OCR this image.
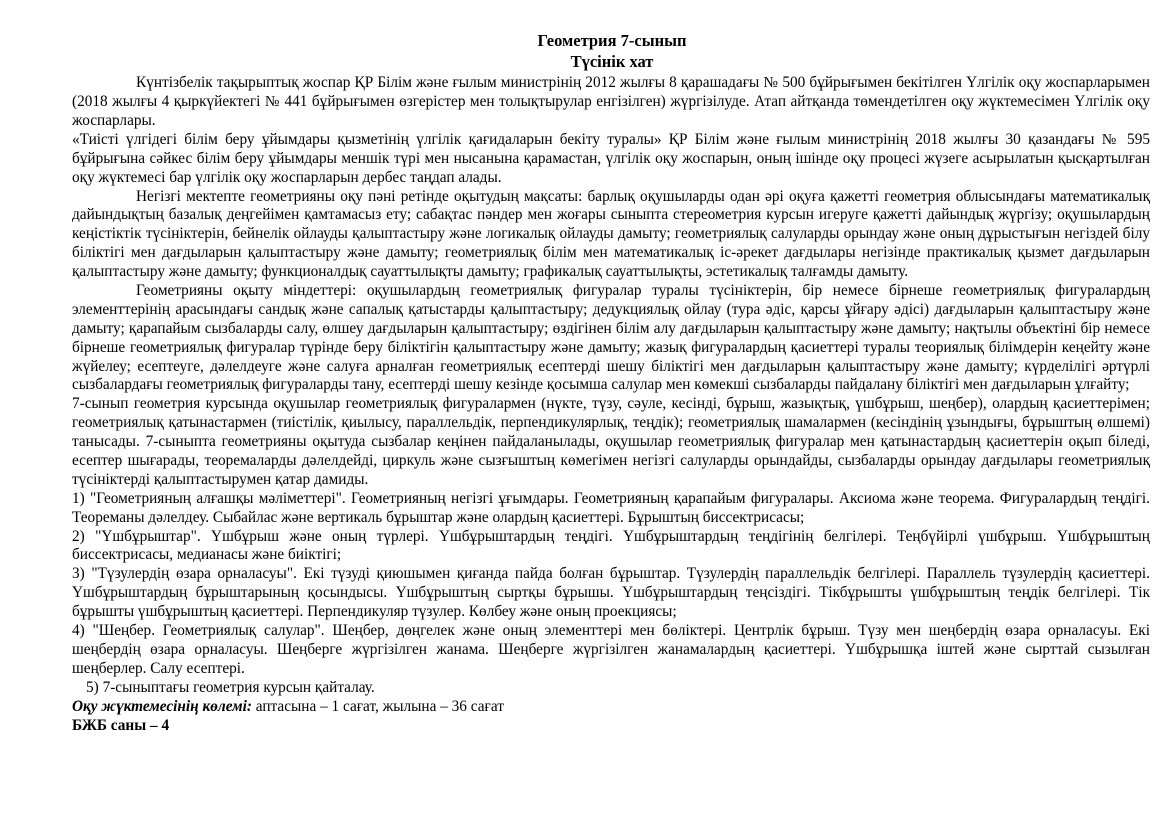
Геометрия 7-сынып
Түсінік хат

Күнтізбелік тақырыптық жоспар ҚР Білім және ғылым министрінің 2012 жылғы 8 қарашадағы № 500 бұйрығымен бекітілген Үлгілік оқу жоспарларымен (2018 жылғы 4 қыркүйектегі № 441 бұйрығымен өзгерістер мен толықтырулар енгізілген) жүргізілуде. Атап айтқанда төмендетілген оқу жүктемесімен Үлгілік оқу жоспарлары.

«Тиісті үлгідегі білім беру ұйымдары қызметінің үлгілік қағидаларын бекіту туралы» ҚР Білім және ғылым министрінің 2018 жылғы 30 қазандағы № 595 бұйрығына сәйкес білім беру ұйымдары меншік түрі мен нысанына қарамастан, үлгілік оқу жоспарын, оның ішінде оқу процесі жүзеге асырылатын қысқартылған оқу жүктемесі бар үлгілік оқу жоспарларын дербес таңдап алады.

Негізгі мектепте геометрияны оқу пәні ретінде оқытудың мақсаты: барлық оқушыларды одан әрі оқуға қажетті геометрия облысындағы математикалық дайындықтың базалық деңгейімен қамтамасыз ету; сабақтас пәндер мен жоғары сыныпта стереометрия курсын игеруге қажетті дайындық жүргізу; оқушылардың кеңістіктік түсініктерін, бейнелік ойлауды қалыптастыру және логикалық ойлауды дамыту; геометриялық салуларды орындау және оның дұрыстығын негіздей білу біліктігі мен дағдыларын қалыптастыру және дамыту; геометриялық білім мен математикалық іс-әрекет дағдылары негізінде практикалық қызмет дағдыларын қалыптастыру және дамыту; функционалдық сауаттылықты дамыту; графикалық сауаттылықты, эстетикалық талғамды дамыту.

Геометрияны оқыту міндеттері: оқушылардың геометриялық фигуралар туралы түсініктерін, бір немесе бірнеше геометриялық фигуралардың элементтерінің арасындағы сандық және сапалық қатыстарды қалыптастыру; дедукциялық ойлау (тура әдіс, қарсы ұйғару әдісі) дағдыларын қалыптастыру және дамыту; қарапайым сызбаларды салу, өлшеу дағдыларын қалыптастыру; өздігінен білім алу дағдыларын қалыптастыру және дамыту; нақтылы объектіні бір немесе бірнеше геометриялық фигуралар түрінде беру біліктігін қалыптастыру және дамыту; жазық фигуралардың қасиеттері туралы теориялық білімдерін кеңейту және жүйелеу; есептеуге, дәлелдеуге және салуға арналған геометриялық есептерді шешу біліктігі мен дағдыларын қалыптастыру және дамыту; күрделілігі әртүрлі сызбалардағы геометриялық фигураларды тану, есептерді шешу кезінде қосымша салулар мен көмекші сызбаларды пайдалану біліктігі мен дағдыларын ұлғайту;

7-сынып геометрия курсында оқушылар геометриялық фигуралармен (нүкте, түзу, сәуле, кесінді, бұрыш, жазықтық, үшбұрыш, шеңбер), олардың қасиеттерімен; геометриялық қатынастармен (тиістілік, қиылысу, параллельдік, перпендикулярлық, теңдік); геометриялық шамалармен (кесіндінің ұзындығы, бұрыштың өлшемі) танысады. 7-сыныпта геометрияны оқытуда сызбалар кеңінен пайдаланылады, оқушылар геометриялық фигуралар мен қатынастардың қасиеттерін оқып біледі, есептер шығарады, теоремаларды дәлелдейді, циркуль және сызғыштың көмегімен негізгі салуларды орындайды, сызбаларды орындау дағдылары геометриялық түсініктерді қалыптастырумен қатар дамиды.

1) "Геометрияның алғашқы мәліметтері". Геометрияның негізгі ұғымдары. Геометрияның қарапайым фигуралары. Аксиома және теорема. Фигуралардың теңдігі. Теореманы дәлелдеу. Сыбайлас және вертикаль бұрыштар және олардың қасиеттері. Бұрыштың биссектрисасы;

2) "Үшбұрыштар". Үшбұрыш және оның түрлері. Үшбұрыштардың теңдігі. Үшбұрыштардың теңдігінің белгілері. Теңбүйірлі үшбұрыш. Үшбұрыштың биссектрисасы, медианасы және биіктігі;

3) "Түзулердің өзара орналасуы". Екі түзуді қиюшымен қиғанда пайда болған бұрыштар. Түзулердің параллельдік белгілері. Параллель түзулердің қасиеттері. Үшбұрыштардың бұрыштарының қосындысы. Үшбұрыштың сыртқы бұрышы. Үшбұрыштардың теңсіздігі. Тікбұрышты үшбұрыштың теңдік белгілері. Тік бұрышты үшбұрыштың қасиеттері. Перпендикуляр түзулер. Көлбеу және оның проекциясы;

4) "Шеңбер. Геометриялық салулар". Шеңбер, дөңгелек және оның элементтері мен бөліктері. Центрлік бұрыш. Түзу мен шеңбердің өзара орналасуы. Екі шеңбердің өзара орналасуы. Шеңберге жүргізілген жанама. Шеңберге жүргізілген жанамалардың қасиеттері. Үшбұрышқа іштей және сырттай сызылған шеңберлер. Салу есептері.

5) 7-сыныптағы геометрия курсын қайталау.

Оқу жүктемесінің көлемі: аптасына – 1 сағат, жылына – 36 сағат

БЖБ саны – 4
